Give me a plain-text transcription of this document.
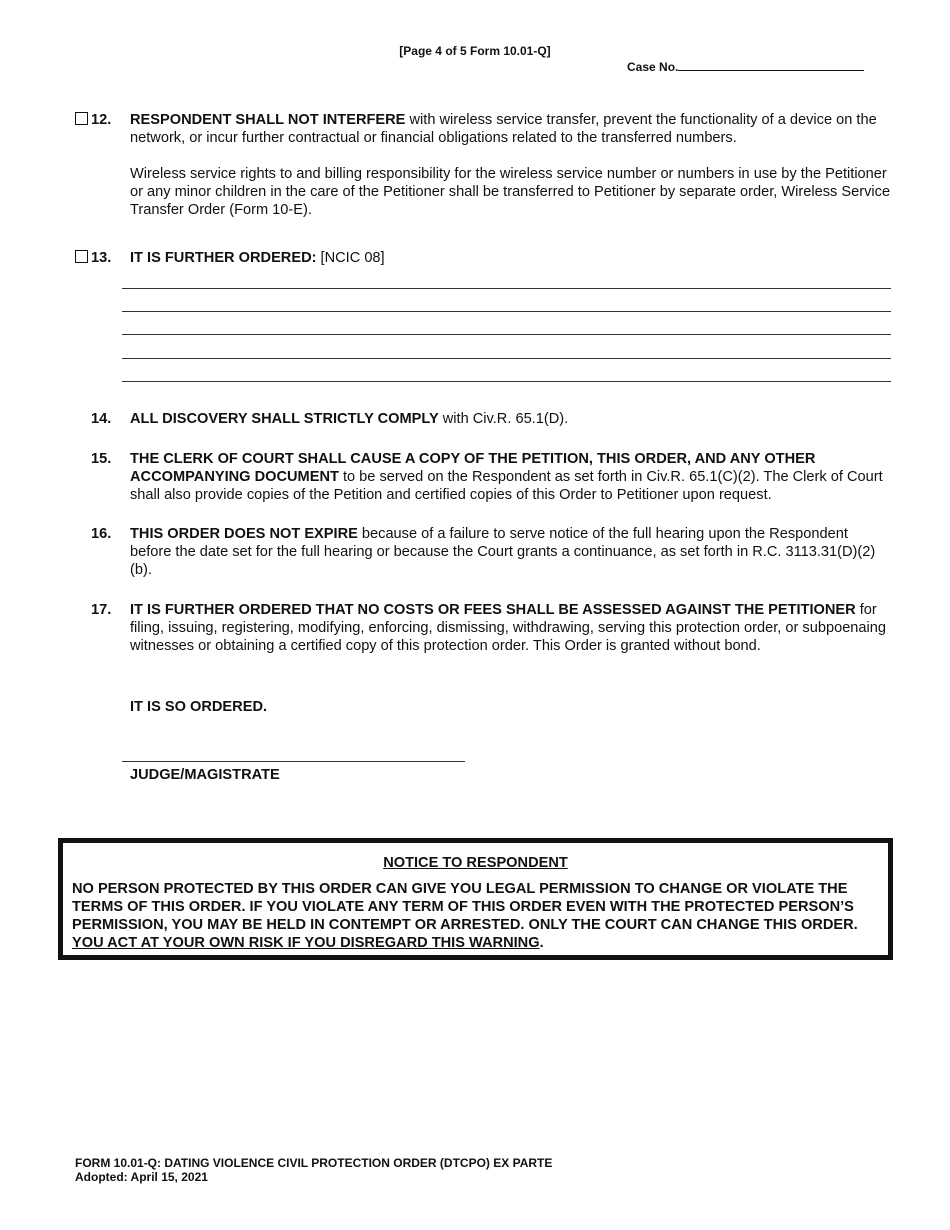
[Page 4 of 5 Form 10.01-Q]
Case No.
12. RESPONDENT SHALL NOT INTERFERE with wireless service transfer, prevent the functionality of a device on the network, or incur further contractual or financial obligations related to the transferred numbers.

Wireless service rights to and billing responsibility for the wireless service number or numbers in use by the Petitioner or any minor children in the care of the Petitioner shall be transferred to Petitioner by separate order, Wireless Service Transfer Order (Form 10-E).

13. IT IS FURTHER ORDERED: [NCIC 08]

14. ALL DISCOVERY SHALL STRICTLY COMPLY with Civ.R. 65.1(D).

15. THE CLERK OF COURT SHALL CAUSE A COPY OF THE PETITION, THIS ORDER, AND ANY OTHER ACCOMPANYING DOCUMENT to be served on the Respondent as set forth in Civ.R. 65.1(C)(2). The Clerk of Court shall also provide copies of the Petition and certified copies of this Order to Petitioner upon request.

16. THIS ORDER DOES NOT EXPIRE because of a failure to serve notice of the full hearing upon the Respondent before the date set for the full hearing or because the Court grants a continuance, as set forth in R.C. 3113.31(D)(2)(b).

17. IT IS FURTHER ORDERED THAT NO COSTS OR FEES SHALL BE ASSESSED AGAINST THE PETITIONER for filing, issuing, registering, modifying, enforcing, dismissing, withdrawing, serving this protection order, or subpoenaing witnesses or obtaining a certified copy of this protection order. This Order is granted without bond.

IT IS SO ORDERED.
JUDGE/MAGISTRATE
NOTICE TO RESPONDENT
NO PERSON PROTECTED BY THIS ORDER CAN GIVE YOU LEGAL PERMISSION TO CHANGE OR VIOLATE THE TERMS OF THIS ORDER. IF YOU VIOLATE ANY TERM OF THIS ORDER EVEN WITH THE PROTECTED PERSON’S PERMISSION, YOU MAY BE HELD IN CONTEMPT OR ARRESTED. ONLY THE COURT CAN CHANGE THIS ORDER. YOU ACT AT YOUR OWN RISK IF YOU DISREGARD THIS WARNING.
FORM 10.01-Q: DATING VIOLENCE CIVIL PROTECTION ORDER (DTCPO) EX PARTE
Adopted: April 15, 2021
